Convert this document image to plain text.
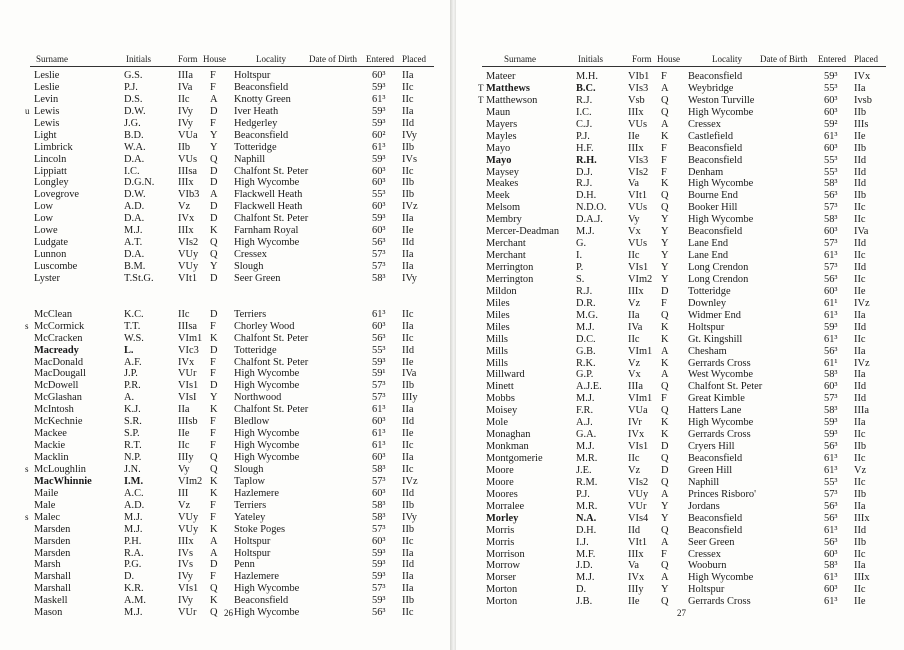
Surname	Initials	Form House	Locality	Date of Dirth Entered Placed
Leslie	G.S.	IIIa F Holtspur	60³ IIa
Leslie	P.J.	IVa F Beaconsfield	59³ IIc
Levin	D.S.	IIc A Knotty Green	61³ IIc
u Lewis	D.W.	IVy D Iver Heath	59³ IIa
Lewis	J.G.	IVy F Hedgerley	59³ IId
Light	B.D.	VUa Y Beaconsfield	60² IVy
Limbrick	W.A.	IIb Y Totteridge	61³ IIb
Lincoln	D.A.	VUs Q Naphill	59³ IVs
Lippiatt	I.C.	IIIsa D Chalfont St. Peter	60³ IIc
Longley	D.G.N. IIIx D High Wycombe	60³ IIb
Lovegrove	D.W.	VIb3 A Flackwell Heath	55³ IIb
Low	A.D.	Vz D Flackwell Heath	60³ IVz
Low	D.A.	IVx D Chalfont St. Peter	59³ IIa
Lowe	M.J.	IIIx K Farnham Royal	60³ IIe
Ludgate	A.T.	VIs2 Q High Wycombe	56³ IId
Lunnon	D.A.	VUy Q Cressex	57³ IIa
Luscombe	B.M.	VUy Y Slough	57³ IIa
Lyster	T.St.G. VIt1 D Seer Green	58³ IVy
McClean	K.C.	IIc D Terriers	61³ IIc
s McCormick	T.T.	IIIsa F Chorley Wood	60³ IIa
McCracken	W.S.	VIm1 K Chalfont St. Peter	56³ IIc
Macready	L.	VIc3 D Totteridge	55³ IId
MacDonald	A.F.	IVx F Chalfont St. Peter	59³ IIe
MacDougall	J.P.	VUr F High Wycombe	59¹ IVa
McDowell	P.R.	VIs1 D High Wycombe	57³ IIb
McGlashan	A.	VIsI Y Northwood	57³ IIIy
McIntosh	K.J.	IIa K Chalfont St. Peter	61³ IIa
McKechnie	S.R.	IIIsb F Bledlow	60³ IId
Mackee	S.P.	IIe F High Wycombe	61³ IIe
Mackie	R.T.	IIc F High Wycombe	61³ IIc
Macklin	N.P.	IIIy Q High Wycombe	60³ IIa
s McLoughlin	J.N.	Vy Q Slough	58³ IIc
MacWhinnie	I.M.	VIm2 K Taplow	57³ IVz
Maile	A.C.	III K Hazlemere	60³ IId
Male	A.D.	Vz F Terriers	58³ IIb
s Malec	M.J.	VUy F Yateley	58³ IVy
Marsden	M.J.	VUy K Stoke Poges	57³ IIb
Marsden	P.H.	IIIx A Holtspur	60³ IIc
Marsden	R.A.	IVs A Holtspur	59³ IIa
Marsh	P.G.	IVs D Penn	59³ IId
Marshall	D.	IVy F Hazlemere	59³ IIa
Marshall	K.R.	VIs1 Q High Wycombe	57³ IIa
Maskell	A.M.	IVy K Beaconsfield	59³ IIb
Mason	M.J.	VUr Q High Wycombe	56³ IIc
26
Surname	Initials	Form House	Locality Date of Birth Entered Placed
Mateer	M.H.	VIb1 F Beaconsfield	59³ IVx
T Matthews	B.C.	VIs3 A Weybridge	55³ IIa
T Matthewson	R.J.	Vsb Q Weston Turville	60³ Ivsb
Maun	I.C.	IIIx Q High Wycombe	60³ IIb
Mayers	C.J.	VUs A Cressex	59² IIIs
Mayles	P.J.	IIe K Castlefield	61³ IIe
Mayo	H.F.	IIIx F Beaconsfield	60³ IIb
Mayo	R.H.	VIs3 F Beaconsfield	55³ IId
Maysey	D.J.	VIs2 F Denham	55³ IId
Meakes	R.J.	Va K High Wycombe	58³ IId
Meek	D.H.	VIt1 Q Bourne End	56³ IIb
Melsom	N.D.O. VUs Q Booker Hill	57³ IIc
Membry	D.A.J. Vy Y High Wycombe	58³ IIc
Mercer-Deadman M.J.	Vx Y Beaconsfield	60³ IVa
Merchant	G.	VUs Y Lane End	57³ IId
Merchant	I.	IIc Y Lane End	61³ IIc
Merrington	P.	VIs1 Y Long Crendon	57³ IId
Merrington	S.	VIm2 Y Long Crendon	56³ IIc
Mildon	R.J.	IIIx D Totteridge	60³ IIe
Miles	D.R.	Vz F Downley	61¹ IVz
Miles	M.G.	IIa Q Widmer End	61³ IIa
Miles	M.J.	IVa K Holtspur	59³ IId
Mills	D.C.	IIc K Gt. Kingshill	61³ IIc
Mills	G.B.	VIm1 A Chesham	56³ IIa
Mills	R.K.	Vz K Gerrards Cross	61¹ IVz
Millward	G.P.	Vx A West Wycombe	58³ IIa
Minett	A.J.E.	IIIa Q Chalfont St. Peter	60³ IId
Mobbs	M.J.	VIm1 F Great Kimble	57³ IId
Moisey	F.R.	VUa Q Hatters Lane	58³ IIIa
Mole	A.J.	IVr K High Wycombe	59³ IIa
Monaghan	G.A.	IVx K Gerrards Cross	59³ IIc
Monkman	M.J.	VIs1 D Cryers Hill	56³ IIb
Montgomerie	M.R.	IIc Q Beaconsfield	61³ IIc
Moore	J.E.	Vz D Green Hill	61³ Vz
Moore	R.M.	VIs2 Q Naphill	55³ IIc
Moores	P.J.	VUy A Princes Risboro'	57³ IIb
Morralee	M.R.	VUr Y Jordans	56³ IIa
Morley	N.A.	VIs4 Y Beaconsfield	56³ IIIx
Morris	D.H.	IId Q Beaconsfield	61³ IId
Morris	I.J.	VIt1 A Seer Green	56³ IIb
Morrison	M.F.	IIIx F Cressex	60³ IIc
Morrow	J.D.	Va Q Wooburn	58³ IIa
Morser	M.J.	IVx A High Wycombe	61³ IIIx
Morton	D.	IIIy Y Holtspur	60³ IIc
Morton	J.B.	IIe Q Gerrards Cross	61³ IIe
27
